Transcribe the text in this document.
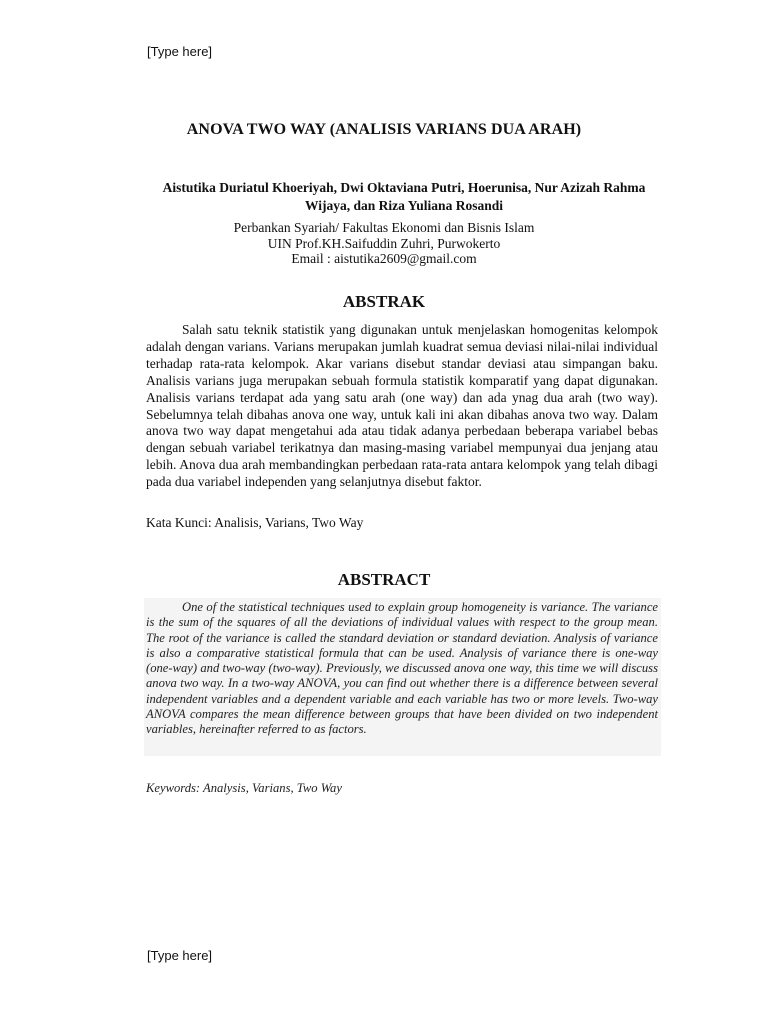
[Type here]
ANOVA TWO WAY (ANALISIS VARIANS DUA ARAH)
Aistutika Duriatul Khoeriyah, Dwi Oktaviana Putri, Hoerunisa, Nur Azizah Rahma Wijaya, dan Riza Yuliana Rosandi
Perbankan Syariah/ Fakultas Ekonomi dan Bisnis Islam
UIN Prof.KH.Saifuddin Zuhri, Purwokerto
Email : aistutika2609@gmail.com
ABSTRAK
Salah satu teknik statistik yang digunakan untuk menjelaskan homogenitas kelompok adalah dengan varians. Varians merupakan jumlah kuadrat semua deviasi nilai-nilai individual terhadap rata-rata kelompok. Akar varians disebut standar deviasi atau simpangan baku. Analisis varians juga merupakan sebuah formula statistik komparatif yang dapat digunakan. Analisis varians terdapat ada yang satu arah (one way) dan ada ynag dua arah (two way). Sebelumnya telah dibahas anova one way, untuk kali ini akan dibahas anova two way. Dalam anova two way dapat mengetahui ada atau tidak adanya perbedaan beberapa variabel bebas dengan sebuah variabel terikatnya dan masing-masing variabel mempunyai dua jenjang atau lebih. Anova dua arah membandingkan perbedaan rata-rata antara kelompok yang telah dibagi pada dua variabel independen yang selanjutnya disebut faktor.
Kata Kunci: Analisis, Varians, Two Way
ABSTRACT
One of the statistical techniques used to explain group homogeneity is variance. The variance is the sum of the squares of all the deviations of individual values with respect to the group mean. The root of the variance is called the standard deviation or standard deviation. Analysis of variance is also a comparative statistical formula that can be used. Analysis of variance there is one-way (one-way) and two-way (two-way). Previously, we discussed anova one way, this time we will discuss anova two way. In a two-way ANOVA, you can find out whether there is a difference between several independent variables and a dependent variable and each variable has two or more levels. Two-way ANOVA compares the mean difference between groups that have been divided on two independent variables, hereinafter referred to as factors.
Keywords: Analysis, Varians, Two Way
[Type here]
